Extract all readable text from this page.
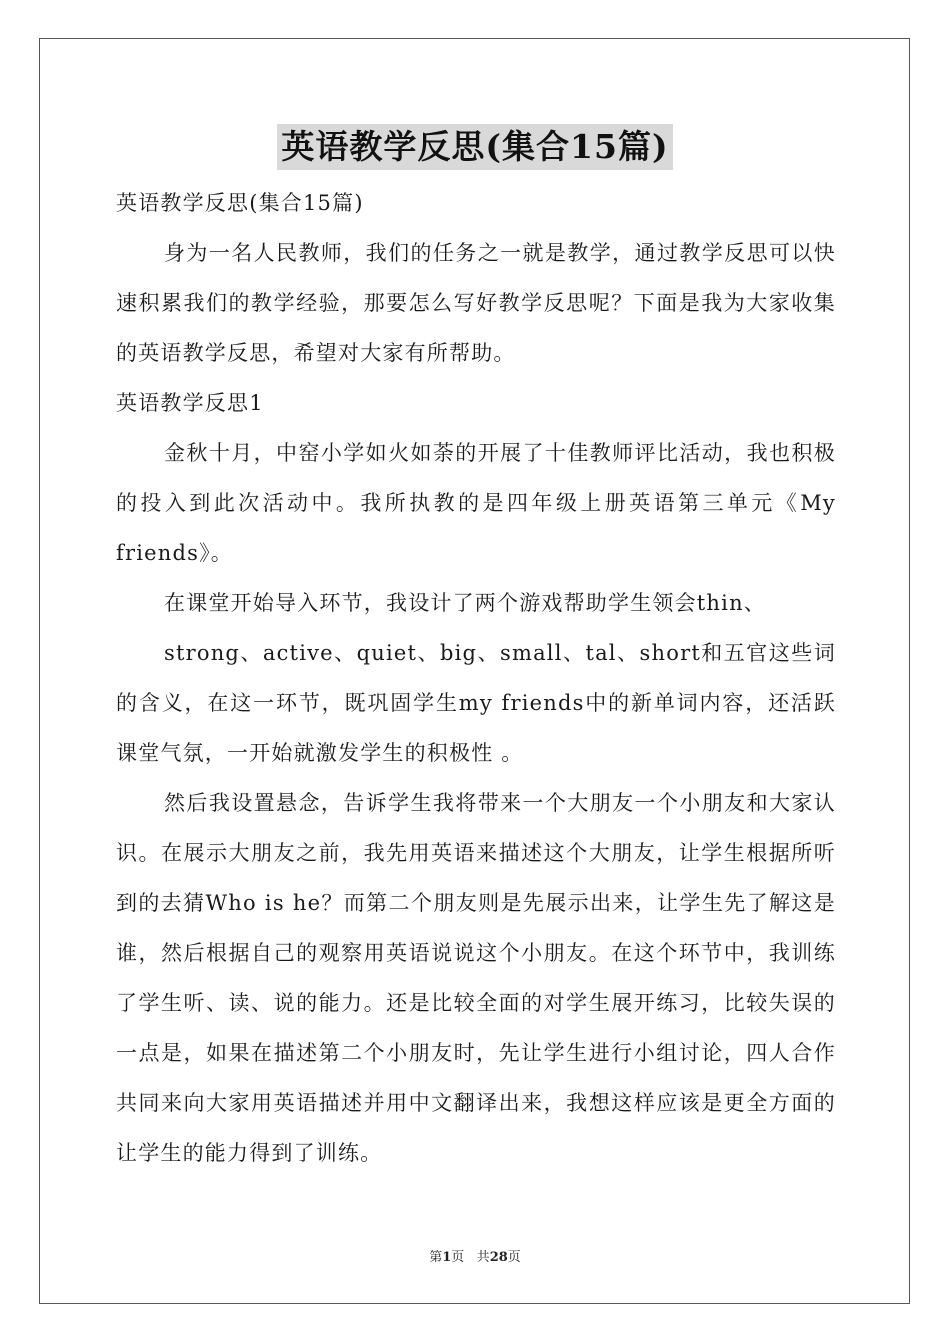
英语教学反思(集合15篇)

英语教学反思(集合15篇)

身为一名人民教师，我们的任务之一就是教学，通过教学反思可以快速积累我们的教学经验，那要怎么写好教学反思呢？下面是我为大家收集的英语教学反思，希望对大家有所帮助。

英语教学反思1

金秋十月，中窑小学如火如荼的开展了十佳教师评比活动，我也积极的投入到此次活动中。我所执教的是四年级上册英语第三单元《My friends》。

在课堂开始导入环节，我设计了两个游戏帮助学生领会thin、

strong、active、quiet、big、small、tal、short和五官这些词的含义，在这一环节，既巩固学生my friends中的新单词内容，还活跃课堂气氛，一开始就激发学生的积极性 。

然后我设置悬念，告诉学生我将带来一个大朋友一个小朋友和大家认识。在展示大朋友之前，我先用英语来描述这个大朋友，让学生根据所听到的去猜Who is he？而第二个朋友则是先展示出来，让学生先了解这是谁，然后根据自己的观察用英语说说这个小朋友。在这个环节中，我训练了学生听、读、说的能力。还是比较全面的对学生展开练习，比较失误的一点是，如果在描述第二个小朋友时，先让学生进行小组讨论，四人合作共同来向大家用英语描述并用中文翻译出来，我想这样应该是更全方面的让学生的能力得到了训练。

第1页 共28页
